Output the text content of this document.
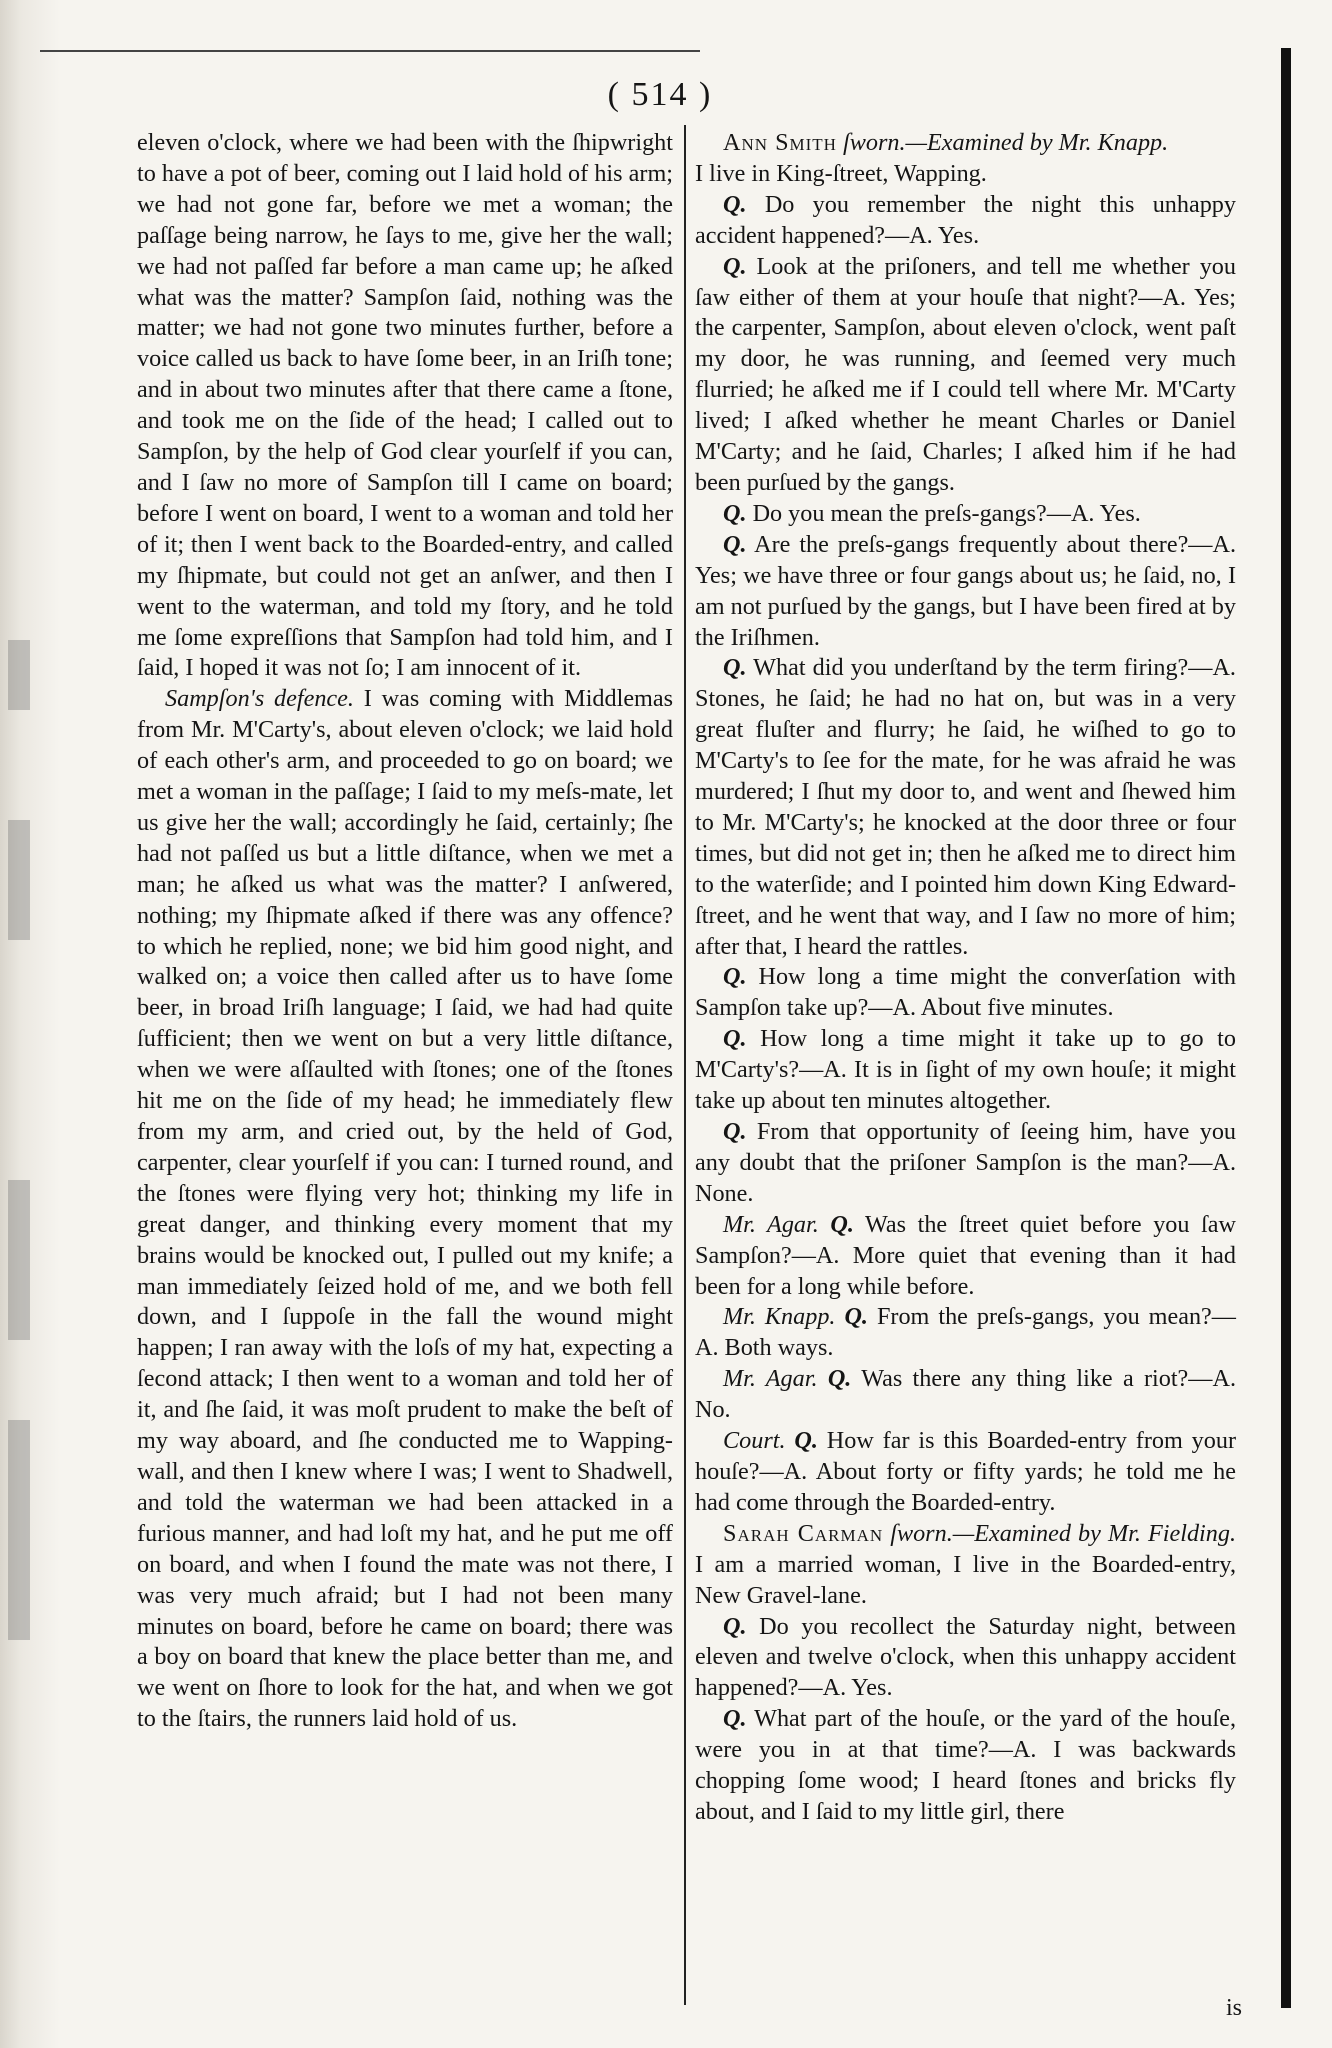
( 514 )

eleven o'clock, where we had been with the ſhipwright to have a pot of beer, coming out I laid hold of his arm; we had not gone far, before we met a woman; the paſſage being narrow, he ſays to me, give her the wall; we had not paſſed far before a man came up; he aſked what was the matter? Sampſon ſaid, nothing was the matter; we had not gone two minutes further, before a voice called us back to have ſome beer, in an Iriſh tone; and in about two minutes after that there came a ſtone, and took me on the ſide of the head; I called out to Sampſon, by the help of God clear yourſelf if you can, and I ſaw no more of Sampſon till I came on board; before I went on board, I went to a woman and told her of it; then I went back to the Boarded-entry, and called my ſhipmate, but could not get an anſwer, and then I went to the waterman, and told my ſtory, and he told me ſome expreſſions that Sampſon had told him, and I ſaid, I hoped it was not ſo; I am innocent of it.

Sampſon's defence. I was coming with Middlemas from Mr. M'Carty's, about eleven o'clock; we laid hold of each other's arm, and proceeded to go on board; we met a woman in the paſſage; I ſaid to my meſs-mate, let us give her the wall; accordingly he ſaid, certainly; ſhe had not paſſed us but a little diſtance, when we met a man; he aſked us what was the matter? I anſwered, nothing; my ſhipmate aſked if there was any offence? to which he replied, none; we bid him good night, and walked on; a voice then called after us to have ſome beer, in broad Iriſh language; I ſaid, we had had quite ſufficient; then we went on but a very little diſtance, when we were aſſaulted with ſtones; one of the ſtones hit me on the ſide of my head; he immediately flew from my arm, and cried out, by the held of God, carpenter, clear yourſelf if you can: I turned round, and the ſtones were flying very hot; thinking my life in great danger, and thinking every moment that my brains would be knocked out, I pulled out my knife; a man immediately ſeized hold of me, and we both fell down, and I ſuppoſe in the fall the wound might happen; I ran away with the loſs of my hat, expecting a ſecond attack; I then went to a woman and told her of it, and ſhe ſaid, it was moſt prudent to make the beſt of my way aboard, and ſhe conducted me to Wapping-wall, and then I knew where I was; I went to Shadwell, and told the waterman we had been attacked in a furious manner, and had loſt my hat, and he put me off on board, and when I found the mate was not there, I was very much afraid; but I had not been many minutes on board, before he came on board; there was a boy on board that knew the place better than me, and we went on ſhore to look for the hat, and when we got to the ſtairs, the runners laid hold of us.

Ann Smith ſworn.—Examined by Mr. Knapp.

I live in King-ſtreet, Wapping.

Q. Do you remember the night this unhappy accident happened?—A. Yes.

Q. Look at the priſoners, and tell me whether you ſaw either of them at your houſe that night?—A. Yes; the carpenter, Sampſon, about eleven o'clock, went paſt my door, he was running, and ſeemed very much flurried; he aſked me if I could tell where Mr. M'Carty lived; I aſked whether he meant Charles or Daniel M'Carty; and he ſaid, Charles; I aſked him if he had been purſued by the gangs.

Q. Do you mean the preſs-gangs?—A. Yes.

Q. Are the preſs-gangs frequently about there?—A. Yes; we have three or four gangs about us; he ſaid, no, I am not purſued by the gangs, but I have been fired at by the Iriſhmen.

Q. What did you underſtand by the term firing?—A. Stones, he ſaid; he had no hat on, but was in a very great fluſter and flurry; he ſaid, he wiſhed to go to M'Carty's to ſee for the mate, for he was afraid he was murdered; I ſhut my door to, and went and ſhewed him to Mr. M'Carty's; he knocked at the door three or four times, but did not get in; then he aſked me to direct him to the waterſide; and I pointed him down King Edward-ſtreet, and he went that way, and I ſaw no more of him; after that, I heard the rattles.

Q. How long a time might the converſation with Sampſon take up?—A. About five minutes.

Q. How long a time might it take up to go to M'Carty's?—A. It is in ſight of my own houſe; it might take up about ten minutes altogether.

Q. From that opportunity of ſeeing him, have you any doubt that the priſoner Sampſon is the man?—A. None.

Mr. Agar. Q. Was the ſtreet quiet before you ſaw Sampſon?—A. More quiet that evening than it had been for a long while before.

Mr. Knapp. Q. From the preſs-gangs, you mean?—A. Both ways.

Mr. Agar. Q. Was there any thing like a riot?—A. No.

Court. Q. How far is this Boarded-entry from your houſe?—A. About forty or fifty yards; he told me he had come through the Boarded-entry.

Sarah Carman ſworn.—Examined by Mr. Fielding. I am a married woman, I live in the Boarded-entry, New Gravel-lane.

Q. Do you recollect the Saturday night, between eleven and twelve o'clock, when this unhappy accident happened?—A. Yes.

Q. What part of the houſe, or the yard of the houſe, were you in at that time?—A. I was backwards chopping ſome wood; I heard ſtones and bricks fly about, and I ſaid to my little girl, there

is
